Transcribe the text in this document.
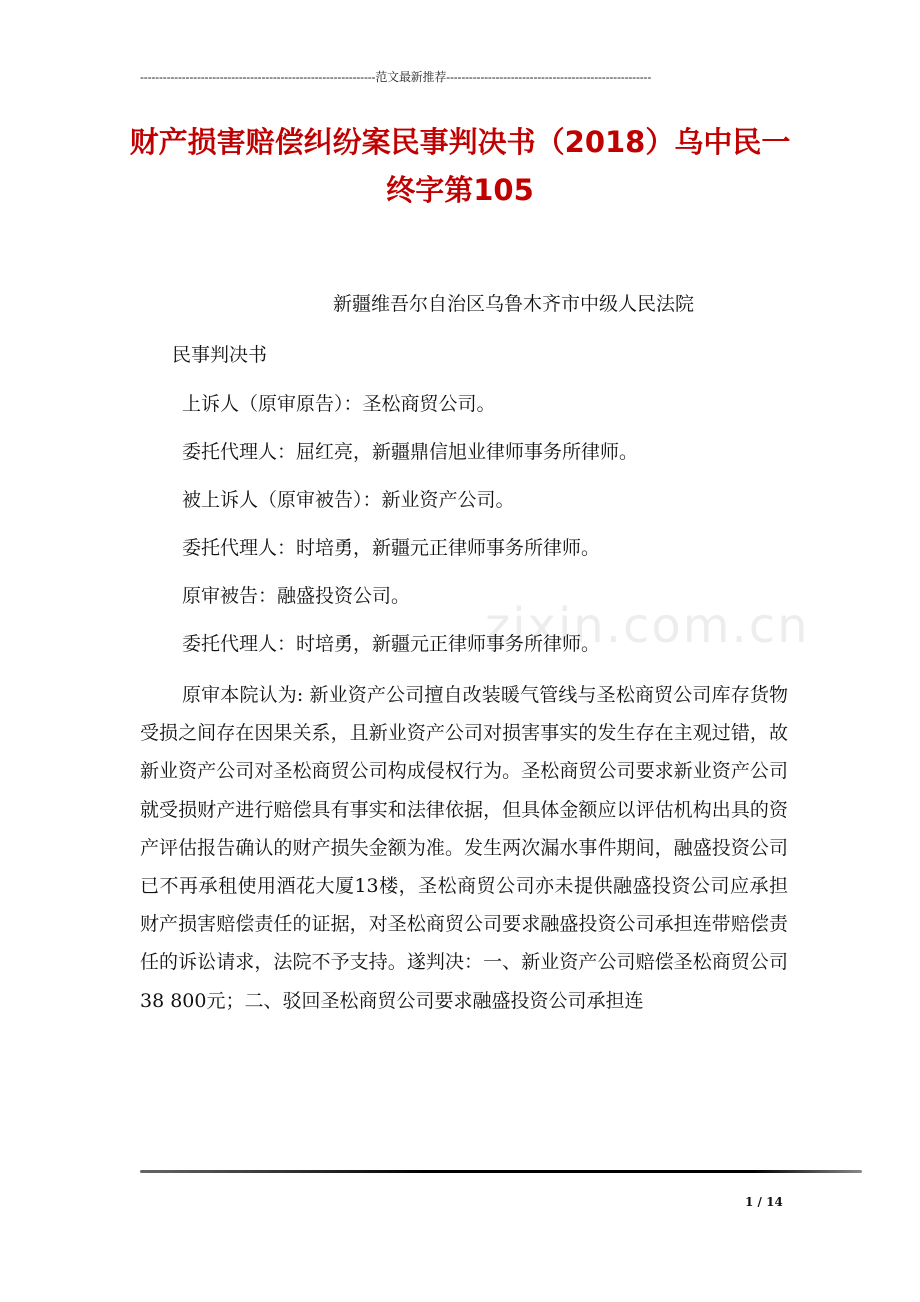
--------------------------------------------------------------范文最新推荐------------------------------------------------------
财产损害赔偿纠纷案民事判决书（2018）乌中民一终字第105
新疆维吾尔自治区乌鲁木齐市中级人民法院
民事判决书
上诉人（原审原告）：圣松商贸公司。
委托代理人：屈红亮，新疆鼎信旭业律师事务所律师。
被上诉人（原审被告）：新业资产公司。
委托代理人：时培勇，新疆元正律师事务所律师。
原审被告：融盛投资公司。
委托代理人：时培勇，新疆元正律师事务所律师。
zixin.com.cn
原审本院认为: 新业资产公司擅自改装暖气管线与圣松商贸公司库存货物受损之间存在因果关系，且新业资产公司对损害事实的发生存在主观过错，故新业资产公司对圣松商贸公司构成侵权行为。圣松商贸公司要求新业资产公司就受损财产进行赔偿具有事实和法律依据，但具体金额应以评估机构出具的资产评估报告确认的财产损失金额为准。发生两次漏水事件期间，融盛投资公司已不再承租使用酒花大厦13楼，圣松商贸公司亦未提供融盛投资公司应承担财产损害赔偿责任的证据，对圣松商贸公司要求融盛投资公司承担连带赔偿责任的诉讼请求，法院不予支持。遂判决：一、新业资产公司赔偿圣松商贸公司38 800元；二、驳回圣松商贸公司要求融盛投资公司承担连
1 / 14
